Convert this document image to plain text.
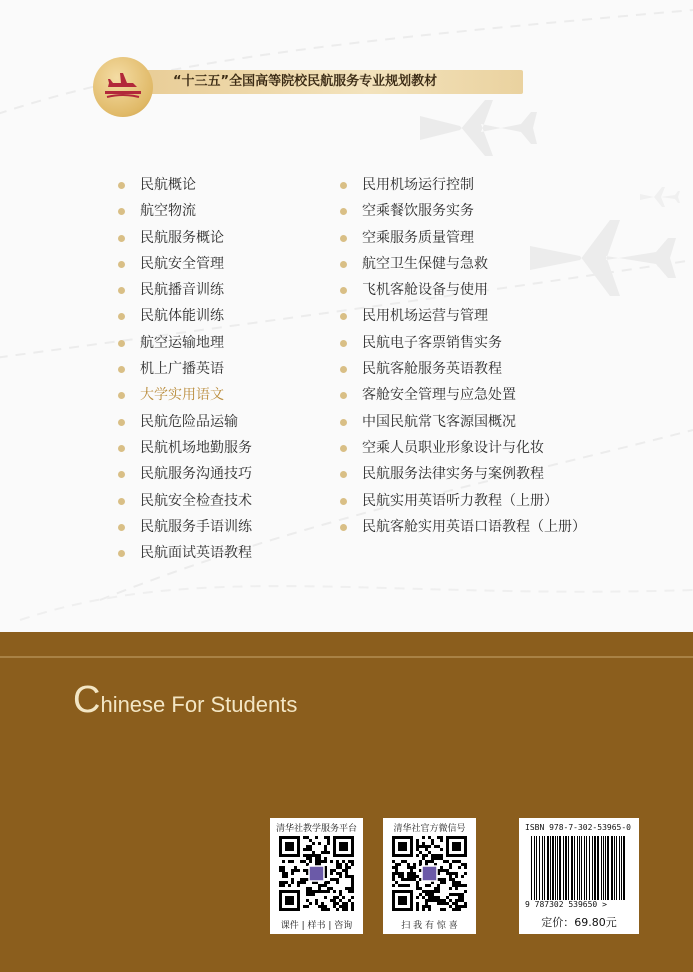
“十三五”全国高等院校民航服务专业规划教材
民航概论
航空物流
民航服务概论
民航安全管理
民航播音训练
民航体能训练
航空运输地理
机上广播英语
大学实用语文
民航危险品运输
民航机场地勤服务
民航服务沟通技巧
民航安全检查技术
民航服务手语训练
民航面试英语教程
民用机场运行控制
空乘餐饮服务实务
空乘服务质量管理
航空卫生保健与急救
飞机客舱设备与使用
民用机场运营与管理
民航电子客票销售实务
民航客舱服务英语教程
客舱安全管理与应急处置
中国民航常飞客源国概况
空乘人员职业形象设计与化妆
民航服务法律实务与案例教程
民航实用英语听力教程（上册）
民航客舱实用英语口语教程（上册）
Chinese For Students
清华社教学服务平台
课件 | 样书 | 咨询
清华社官方微信号
扫 我 有 惊 喜
ISBN 978-7-302-53965-0
9 787302 539650 >
定价：69.80元
